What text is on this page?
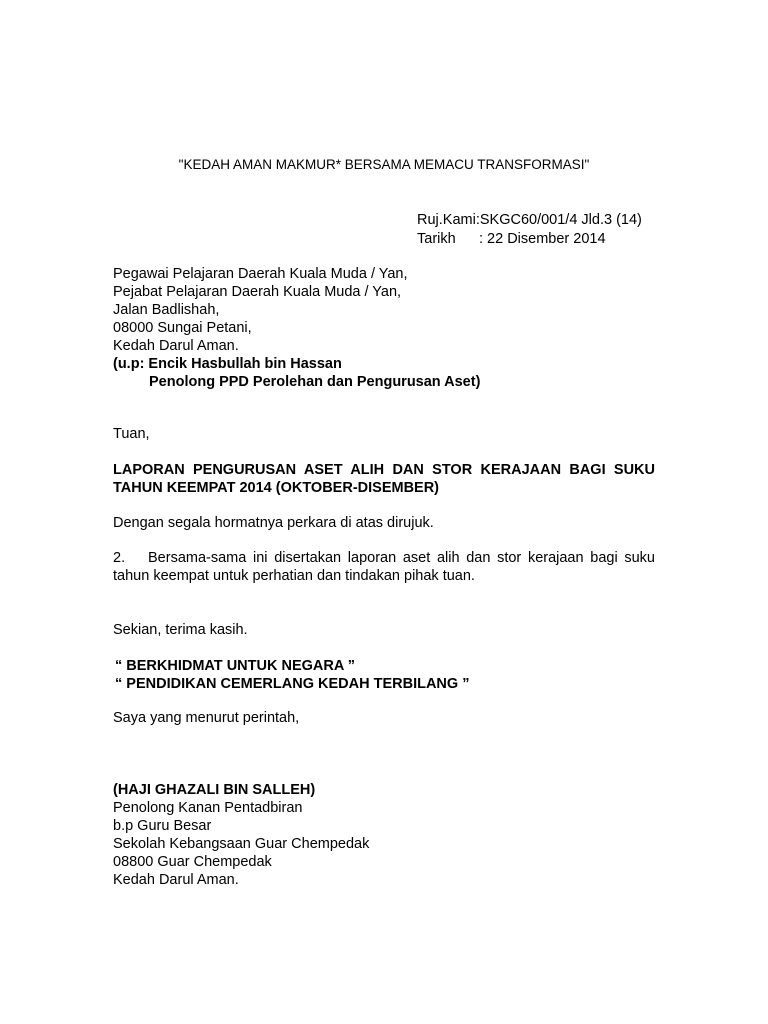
"KEDAH AMAN MAKMUR* BERSAMA MEMACU TRANSFORMASI"
Ruj.Kami:SKGC60/001/4 Jld.3 (14)
Tarikh : 22 Disember 2014
Pegawai Pelajaran Daerah Kuala Muda / Yan,
Pejabat Pelajaran Daerah Kuala Muda / Yan,
Jalan Badlishah,
08000 Sungai Petani,
Kedah Darul Aman.
(u.p: Encik Hasbullah bin Hassan
Penolong PPD Perolehan dan Pengurusan Aset)
Tuan,
LAPORAN PENGURUSAN ASET ALIH DAN STOR KERAJAAN BAGI SUKU TAHUN KEEMPAT 2014 (OKTOBER-DISEMBER)
Dengan segala hormatnya perkara di atas dirujuk.
2. Bersama-sama ini disertakan laporan aset alih dan stor kerajaan bagi suku tahun keempat untuk perhatian dan tindakan pihak tuan.
Sekian, terima kasih.
“ BERKHIDMAT UNTUK NEGARA ”
“ PENDIDIKAN CEMERLANG KEDAH TERBILANG ”
Saya yang menurut perintah,
(HAJI GHAZALI BIN SALLEH)
Penolong Kanan Pentadbiran
b.p Guru Besar
Sekolah Kebangsaan Guar Chempedak
08800 Guar Chempedak
Kedah Darul Aman.
